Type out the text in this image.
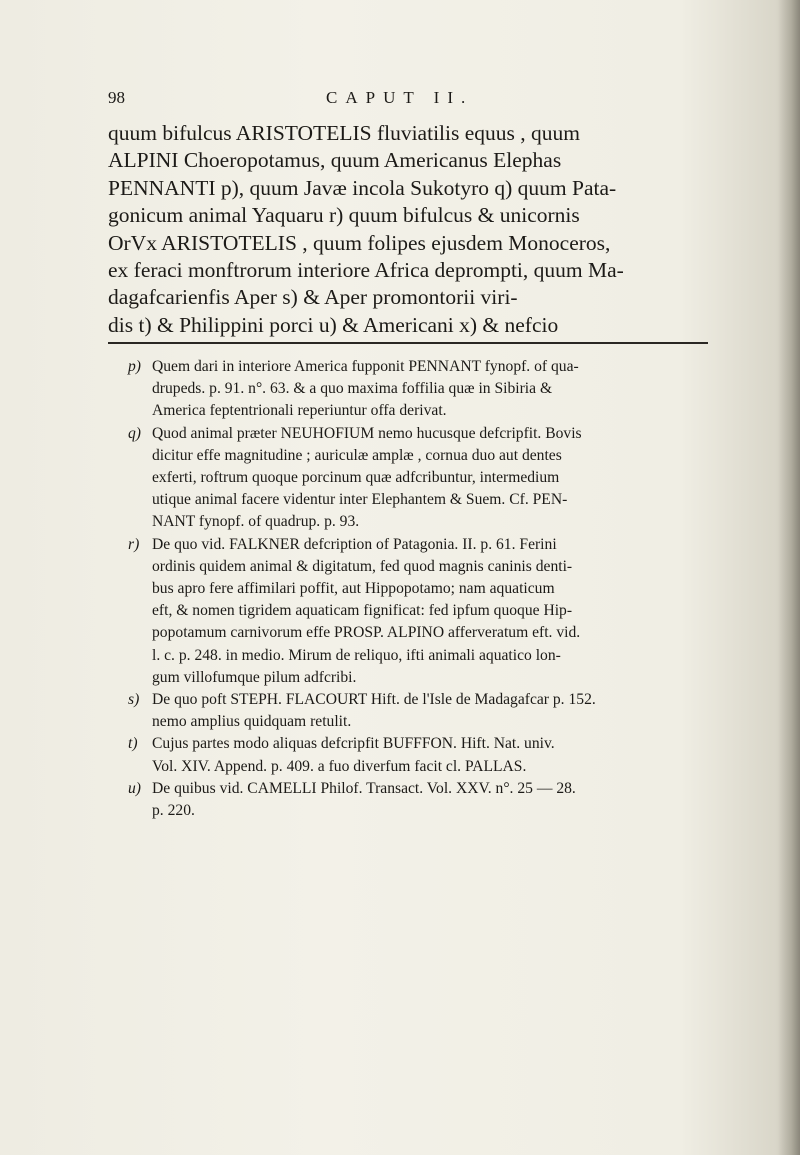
98	CAPUT II.
quum bifulcus ARISTOTELIS fluviatilis equus , quum
ALPINI Choeropotamus, quum Americanus Elephas
PENNANTI p), quum Javæ incola Sukotyro q) quum Pata-
gonicum animal Yaquaru r) quum bifulcus & unicornis
OrVx ARISTOTELIS , quum folipes ejusdem Monoceros,
ex feraci monftrorum interiore Africa deprompti, quum Ma-
dagafcarienfis Aper s) & Aper promontorii viri-
dis t) & Philippini porci u) & Americani x) & nefcio
p) Quem dari in interiore America fupponit PENNANT fynopf. of qua-
drupeds. p. 91. n°. 63. & a quo maxima foffilia quæ in Sibiria &
America feptentrionali reperiuntur offa derivat.
q) Quod animal præter NEUHOFIUM nemo hucusque defcripfit. Bovis
dicitur effe magnitudine ; auriculæ amplæ , cornua duo aut dentes
exferti, roftrum quoque porcinum quæ adfcribuntur, intermedium
utique animal facere videntur inter Elephantem & Suem. Cf. PEN-
NANT fynopf. of quadrup. p. 93.
r) De quo vid. FALKNER defcription of Patagonia. II. p. 61. Ferini
ordinis quidem animal & digitatum, fed quod magnis caninis denti-
bus apro fere affimilari poffit, aut Hippopotamo; nam aquaticum
eft, & nomen tigridem aquaticam fignificat: fed ipfum quoque Hip-
popotamum carnivorum effe PROSP. ALPINO afferveratum eft. vid.
l. c. p. 248. in medio. Mirum de reliquo, ifti animali aquatico lon-
gum villofumque pilum adfcribi.
s) De quo poft STEPH. FLACOURT Hift. de l'Isle de Madagafcar p. 152.
nemo amplius quidquam retulit.
t) Cujus partes modo aliquas defcripfit BUFFFON. Hift. Nat. univ.
Vol. XIV. Append. p. 409. a fuo diverfum facit cl. PALLAS.
u) De quibus vid. CAMELLI Philof. Transact. Vol. XXV. n°. 25 — 28.
p. 220.
